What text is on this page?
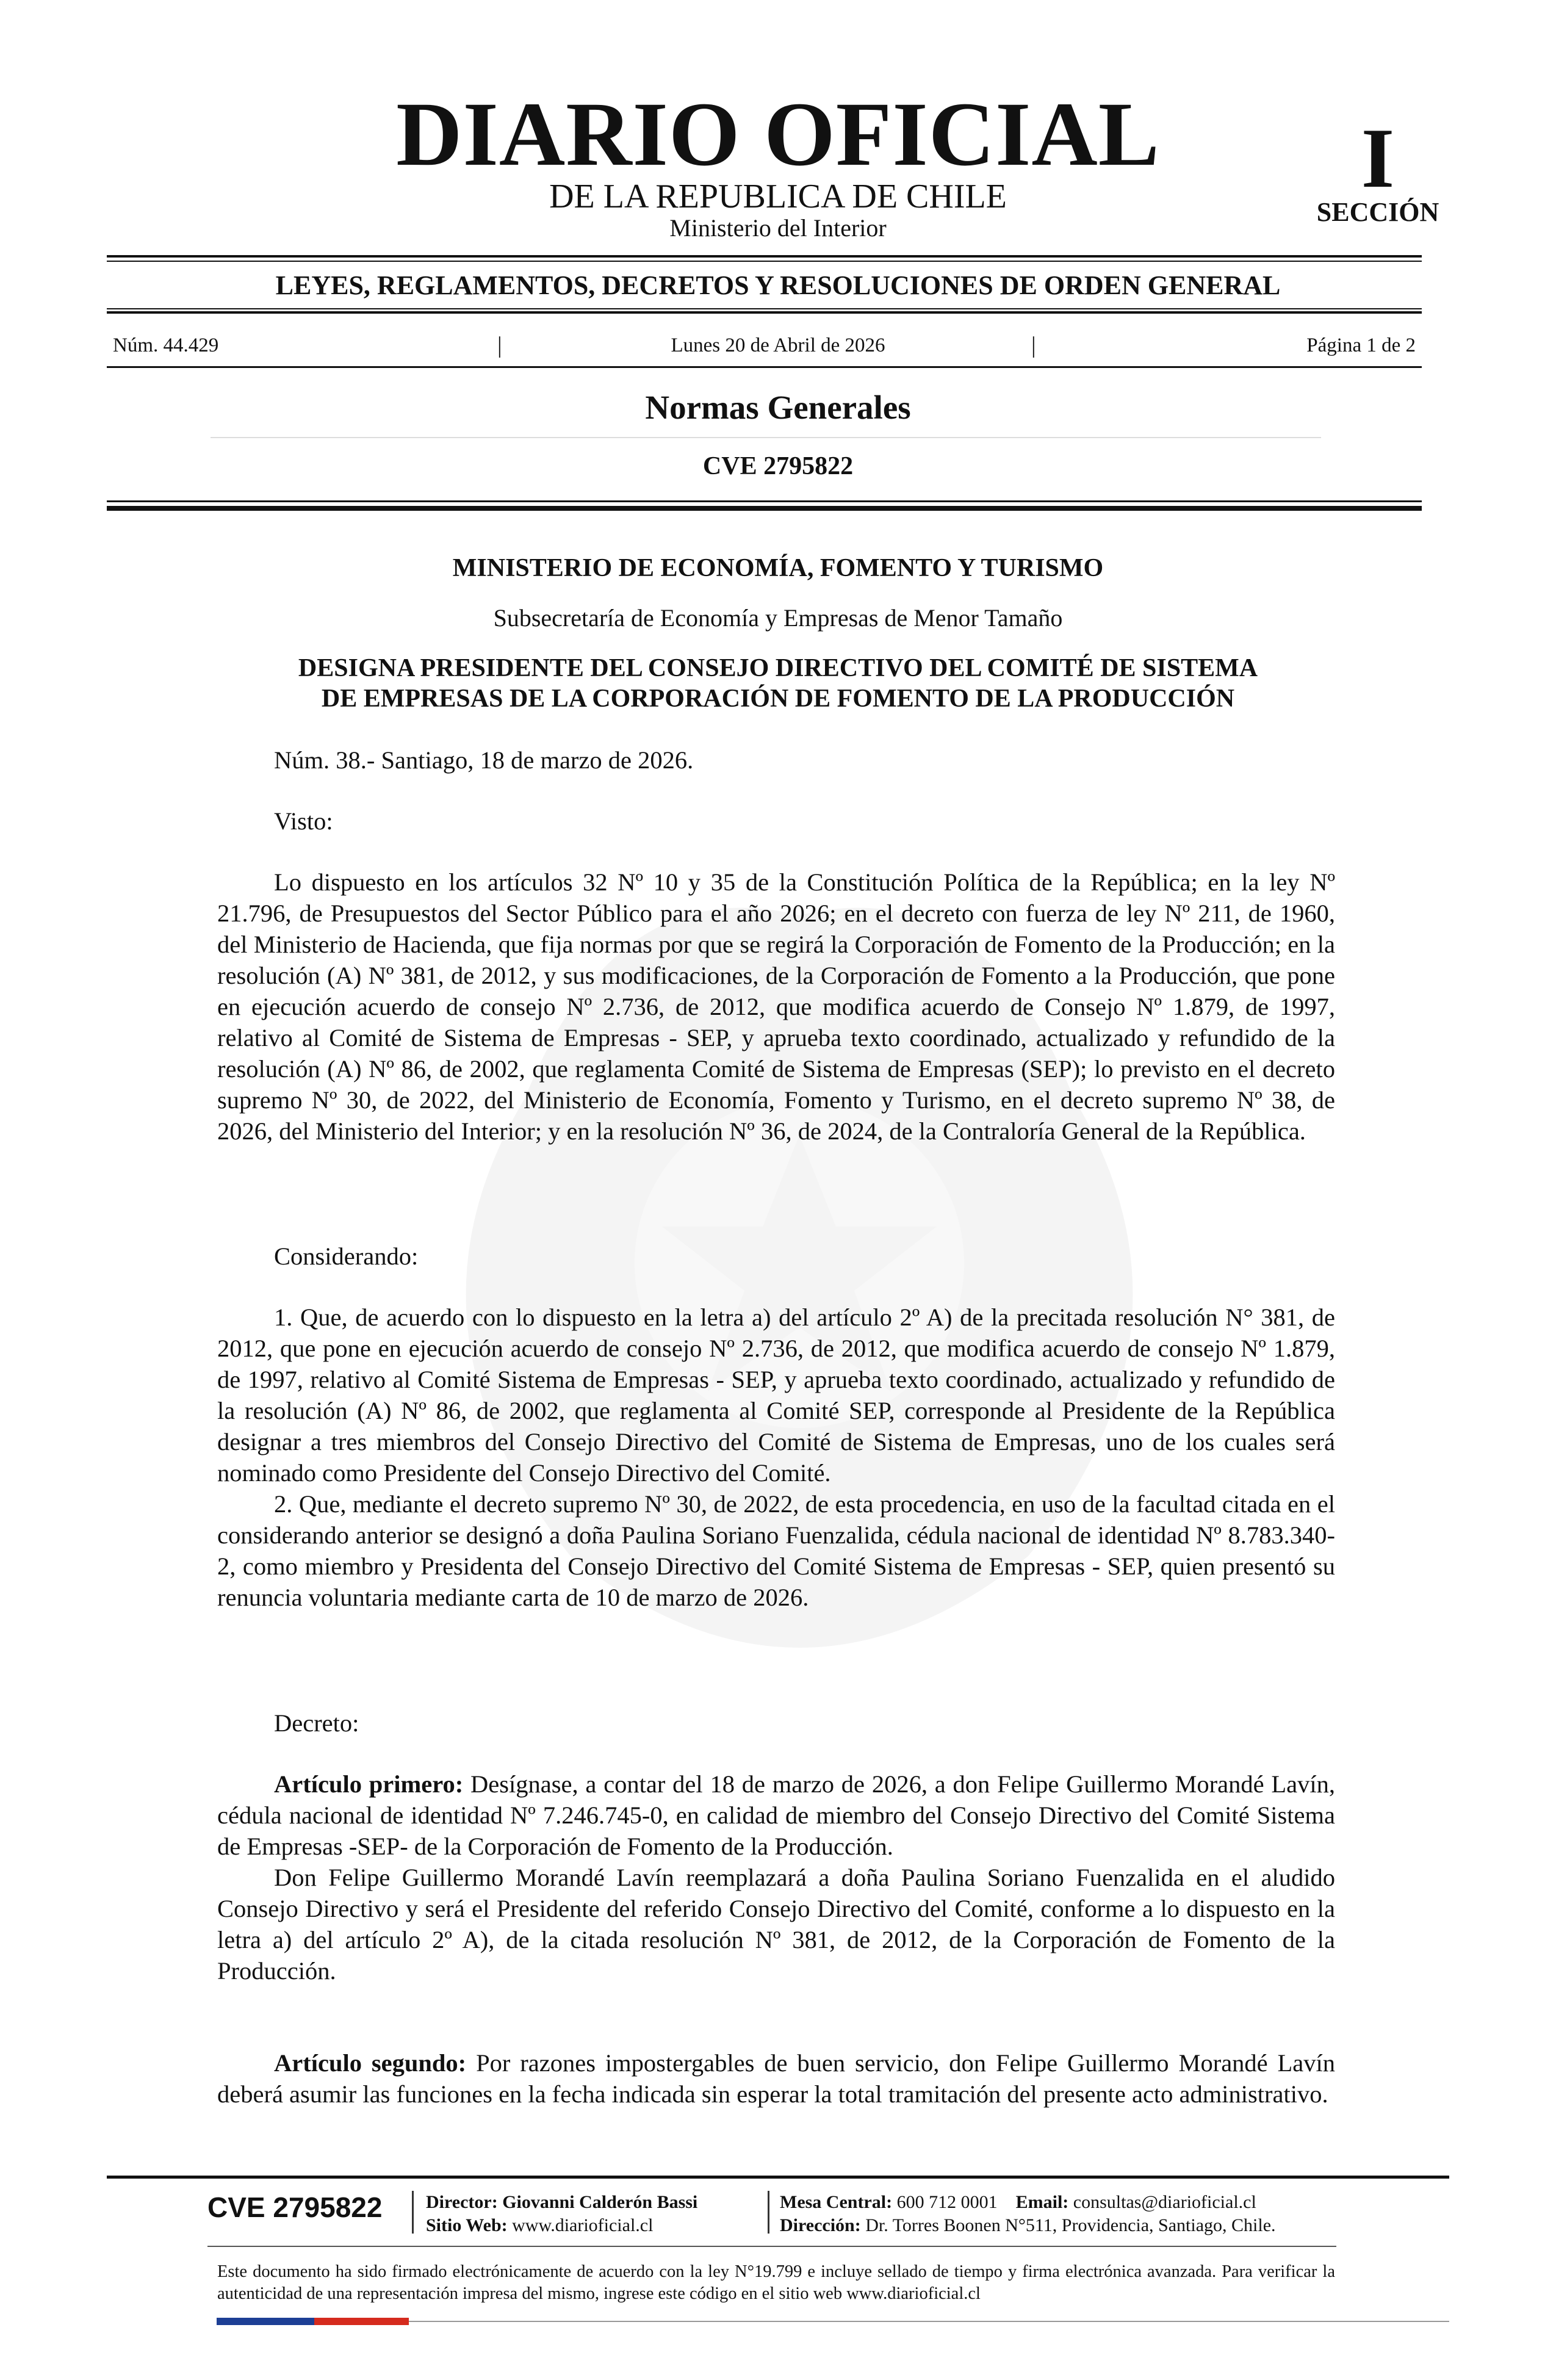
DIARIO OFICIAL
DE LA REPUBLICA DE CHILE
Ministerio del Interior
I
SECCIÓN
LEYES, REGLAMENTOS, DECRETOS Y RESOLUCIONES DE ORDEN GENERAL
Núm. 44.429	|	Lunes 20 de Abril de 2026	|	Página 1 de 2
Normas Generales
CVE 2795822
MINISTERIO DE ECONOMÍA, FOMENTO Y TURISMO
Subsecretaría de Economía y Empresas de Menor Tamaño
DESIGNA PRESIDENTE DEL CONSEJO DIRECTIVO DEL COMITÉ DE SISTEMA
DE EMPRESAS DE LA CORPORACIÓN DE FOMENTO DE LA PRODUCCIÓN
Núm. 38.- Santiago, 18 de marzo de 2026.
Visto:

Lo dispuesto en los artículos 32 Nº 10 y 35 de la Constitución Política de la República; en la ley Nº 21.796, de Presupuestos del Sector Público para el año 2026; en el decreto con fuerza de ley Nº 211, de 1960, del Ministerio de Hacienda, que fija normas por que se regirá la Corporación de Fomento de la Producción; en la resolución (A) Nº 381, de 2012, y sus modificaciones, de la Corporación de Fomento a la Producción, que pone en ejecución acuerdo de consejo Nº 2.736, de 2012, que modifica acuerdo de Consejo Nº 1.879, de 1997, relativo al Comité de Sistema de Empresas - SEP, y aprueba texto coordinado, actualizado y refundido de la resolución (A) Nº 86, de 2002, que reglamenta Comité de Sistema de Empresas (SEP); lo previsto en el decreto supremo Nº 30, de 2022, del Ministerio de Economía, Fomento y Turismo, en el decreto supremo Nº 38, de 2026, del Ministerio del Interior; y en la resolución Nº 36, de 2024, de la Contraloría General de la República.

Considerando:

1. Que, de acuerdo con lo dispuesto en la letra a) del artículo 2º A) de la precitada resolución N° 381, de 2012, que pone en ejecución acuerdo de consejo Nº 2.736, de 2012, que modifica acuerdo de consejo Nº 1.879, de 1997, relativo al Comité Sistema de Empresas - SEP, y aprueba texto coordinado, actualizado y refundido de la resolución (A) Nº 86, de 2002, que reglamenta al Comité SEP, corresponde al Presidente de la República designar a tres miembros del Consejo Directivo del Comité de Sistema de Empresas, uno de los cuales será nominado como Presidente del Consejo Directivo del Comité.

2. Que, mediante el decreto supremo Nº 30, de 2022, de esta procedencia, en uso de la facultad citada en el considerando anterior se designó a doña Paulina Soriano Fuenzalida, cédula nacional de identidad Nº 8.783.340-2, como miembro y Presidenta del Consejo Directivo del Comité Sistema de Empresas - SEP, quien presentó su renuncia voluntaria mediante carta de 10 de marzo de 2026.

Decreto:

Artículo primero: Desígnase, a contar del 18 de marzo de 2026, a don Felipe Guillermo Morandé Lavín, cédula nacional de identidad Nº 7.246.745-0, en calidad de miembro del Consejo Directivo del Comité Sistema de Empresas -SEP- de la Corporación de Fomento de la Producción.

Don Felipe Guillermo Morandé Lavín reemplazará a doña Paulina Soriano Fuenzalida en el aludido Consejo Directivo y será el Presidente del referido Consejo Directivo del Comité, conforme a lo dispuesto en la letra a) del artículo 2º A), de la citada resolución Nº 381, de 2012, de la Corporación de Fomento de la Producción.

Artículo segundo: Por razones impostergables de buen servicio, don Felipe Guillermo Morandé Lavín deberá asumir las funciones en la fecha indicada sin esperar la total tramitación del presente acto administrativo.

CVE 2795822 Director: Giovanni Calderón Bassi
Sitio Web: www.diarioficial.cl
Mesa Central: 600 712 0001 Email: consultas@diarioficial.cl
Dirección: Dr. Torres Boonen N°511, Providencia, Santiago, Chile.
Este documento ha sido firmado electrónicamente de acuerdo con la ley N°19.799 e incluye sellado de tiempo y firma electrónica avanzada. Para verificar la autenticidad de una representación impresa del mismo, ingrese este código en el sitio web www.diarioficial.cl
